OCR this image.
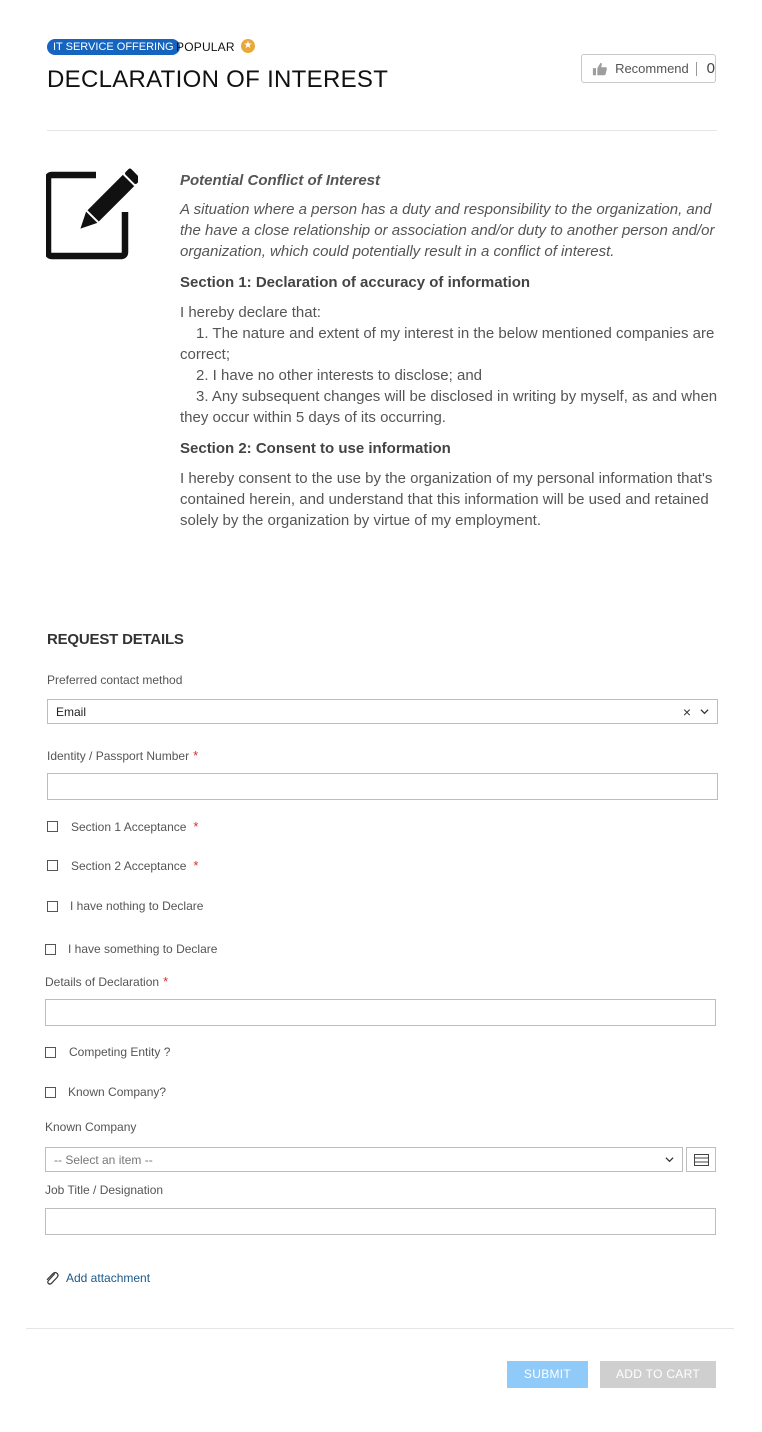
IT SERVICE OFFERING POPULAR ★
DECLARATION OF INTEREST	Recommend 0

Potential Conflict of Interest

A situation where a person has a duty and responsibility to the organization, and the have a close relationship or association and/or duty to another person and/or organization, which could potentially result in a conflict of interest.

Section 1: Declaration of accuracy of information

I hereby declare that:

1. The nature and extent of my interest in the below mentioned companies are correct;

2. I have no other interests to disclose; and

3. Any subsequent changes will be disclosed in writing by myself, as and when they occur within 5 days of its occurring.

Section 2: Consent to use information

I hereby consent to the use by the organization of my personal information that's contained herein, and understand that this information will be used and retained solely by the organization by virtue of my employment.

REQUEST DETAILS
Preferred contact method
Email	×
Identity / Passport Number *
Section 1 Acceptance *
Section 2 Acceptance *
I have nothing to Declare
I have something to Declare
Details of Declaration *
Competing Entity ?
Known Company?
Known Company
-- Select an item --
Job Title / Designation
Add attachment
SUBMIT	ADD TO CART
